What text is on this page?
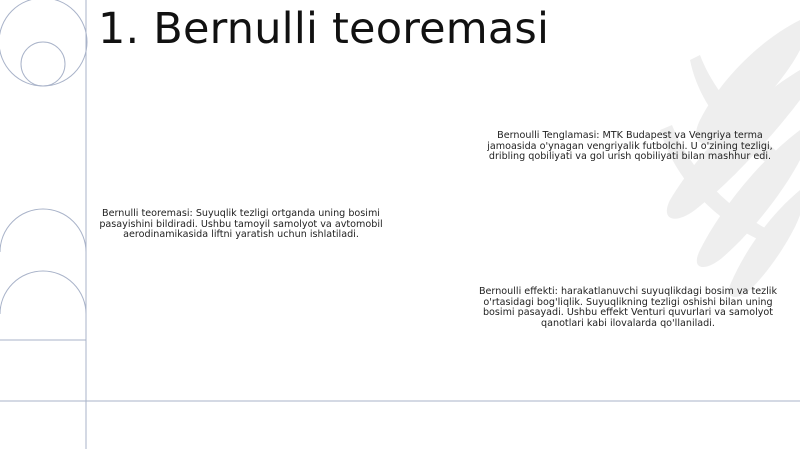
1. Bernulli teoremasi
Bernulli teoremasi: Suyuqlik tezligi ortganda uning bosimi pasayishini bildiradi. Ushbu tamoyil samolyot va avtomobil aerodinamikasida liftni yaratish uchun ishlatiladi.
Bernoulli Tenglamasi: MTK Budapest va Vengriya terma jamoasida o'ynagan vengriyalik futbolchi. U o'zining tezligi, dribling qobiliyati va gol urish qobiliyati bilan mashhur edi.
Bernoulli effekti: harakatlanuvchi suyuqlikdagi bosim va tezlik o'rtasidagi bog'liqlik. Suyuqlikning tezligi oshishi bilan uning bosimi pasayadi. Ushbu effekt Venturi quvurlari va samolyot qanotlari kabi ilovalarda qo'llaniladi.
